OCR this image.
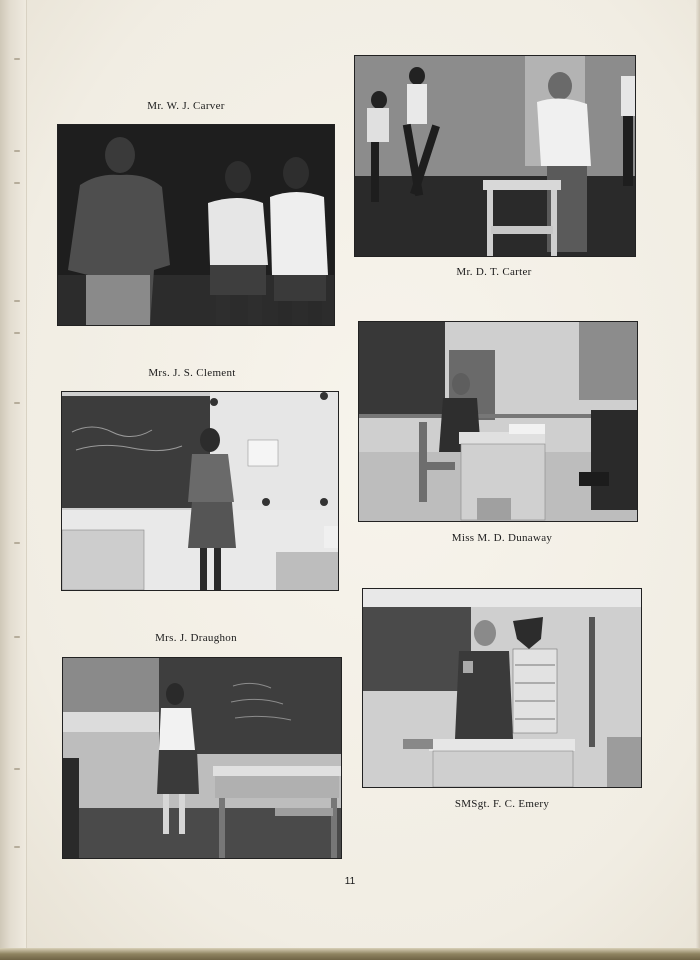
Mr. W. J. Carver
Mr. D. T. Carter
Mrs. J. S. Clement
Miss M. D. Dunaway
Mrs. J. Draughon
SMSgt. F. C. Emery
11
